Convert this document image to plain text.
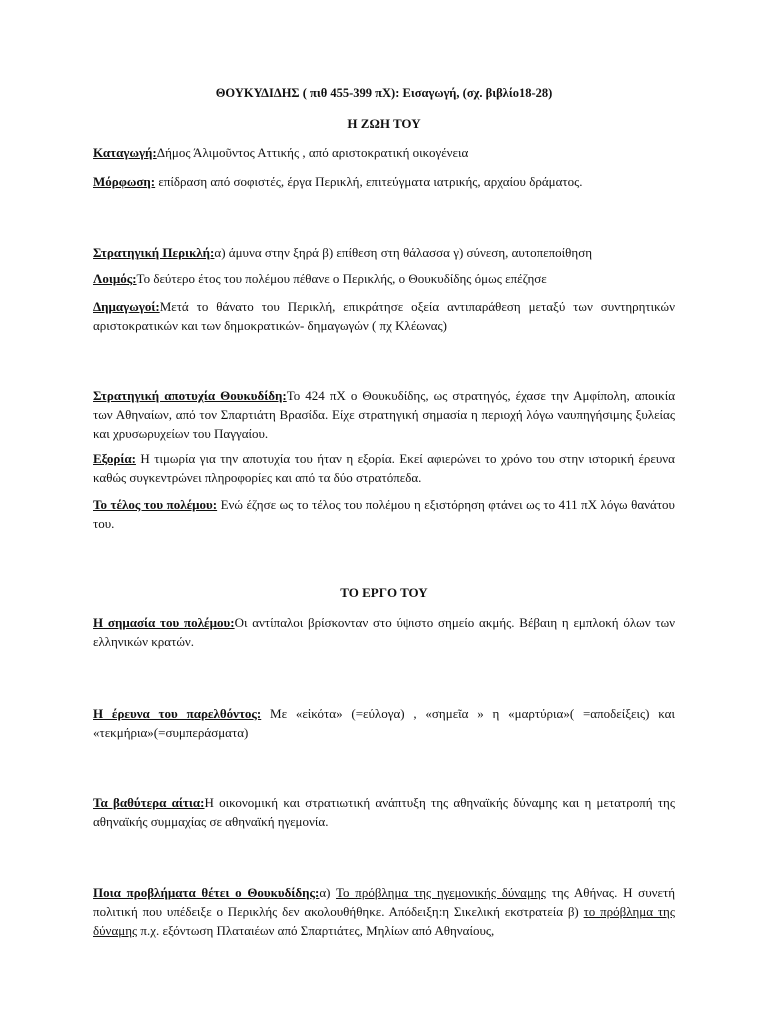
ΘΟΥΚΥΔΙΔΗΣ ( πιθ 455-399 πΧ): Εισαγωγή, (σχ. βιβλίο18-28)
Η ΖΩΗ ΤΟΥ
Καταγωγή:Δήμος Άλιμοῦντος Αττικής , από αριστοκρατική οικογένεια
Μόρφωση: επίδραση από σοφιστές, έργα Περικλή, επιτεύγματα ιατρικής, αρχαίου δράματος.
Στρατηγική Περικλή:α) άμυνα στην ξηρά β) επίθεση στη θάλασσα γ) σύνεση, αυτοπεποίθηση
Λοιμός:Το δεύτερο έτος του πολέμου πέθανε ο Περικλής, ο Θουκυδίδης όμως επέζησε
Δημαγωγοί:Μετά το θάνατο του Περικλή, επικράτησε οξεία αντιπαράθεση μεταξύ των συντηρητικών αριστοκρατικών και των δημοκρατικών- δημαγωγών ( πχ Κλέωνας)
Στρατηγική αποτυχία Θουκυδίδη:Το 424 πΧ ο Θουκυδίδης, ως στρατηγός, έχασε την Αμφίπολη, αποικία των Αθηναίων, από τον Σπαρτιάτη Βρασίδα. Είχε στρατηγική σημασία η περιοχή λόγω ναυπηγήσιμης ξυλείας και χρυσωρυχείων του Παγγαίου.
Εξορία: Η τιμωρία για την αποτυχία του ήταν η εξορία. Εκεί αφιερώνει το χρόνο του στην ιστορική έρευνα καθώς συγκεντρώνει πληροφορίες και από τα δύο στρατόπεδα.
Το τέλος του πολέμου: Ενώ έζησε ως το τέλος του πολέμου η εξιστόρηση φτάνει ως το 411 πΧ λόγω θανάτου του.
ΤΟ ΕΡΓΟ ΤΟΥ
Η σημασία του πολέμου:Οι αντίπαλοι βρίσκονταν στο ύψιστο σημείο ακμής. Βέβαιη η εμπλοκή όλων των ελληνικών κρατών.
Η έρευνα του παρελθόντος: Με «εἰκότα» (=εύλογα) , «σημεῖα » η «μαρτύρια»( =αποδείξεις) και «τεκμήρια»(=συμπεράσματα)
Τα βαθύτερα αίτια:Η οικονομική και στρατιωτική ανάπτυξη της αθηναϊκής δύναμης και η μετατροπή της αθηναϊκής συμμαχίας σε αθηναϊκή ηγεμονία.
Ποια προβλήματα θέτει ο Θουκυδίδης:α) Το πρόβλημα της ηγεμονικής δύναμης της Αθήνας. Η συνετή πολιτική που υπέδειξε ο Περικλής δεν ακολουθήθηκε. Απόδειξη:η Σικελική εκστρατεία β) το πρόβλημα της δύναμης π.χ. εξόντωση Πλαταιέων από Σπαρτιάτες, Μηλίων από Αθηναίους,
